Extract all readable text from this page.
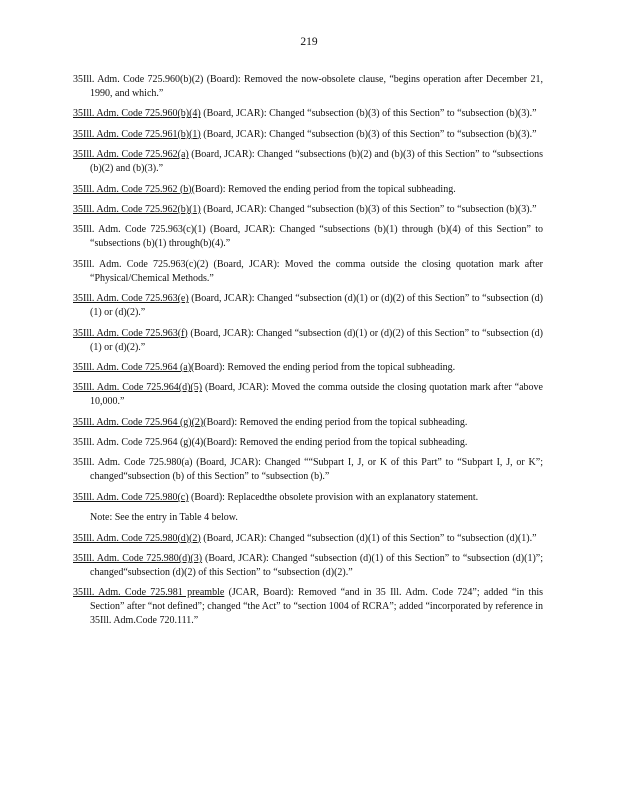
219

35Ill. Adm. Code 725.960(b)(2) (Board): Removed the now-obsolete clause, “begins operation after December 21, 1990, and which.”

35Ill. Adm. Code 725.960(b)(4) (Board, JCAR): Changed “subsection (b)(3) of this Section” to “subsection (b)(3).”

35Ill. Adm. Code 725.961(b)(1) (Board, JCAR): Changed “subsection (b)(3) of this Section” to “subsection (b)(3).”

35Ill. Adm. Code 725.962(a) (Board, JCAR): Changed “subsections (b)(2) and (b)(3) of this Section” to “subsections (b)(2) and (b)(3).”

35Ill. Adm. Code 725.962 (b)(Board): Removed the ending period from the topical subheading.

35Ill. Adm. Code 725.962(b)(1) (Board, JCAR): Changed “subsection (b)(3) of this Section” to “subsection (b)(3).”

35Ill. Adm. Code 725.963(c)(1) (Board, JCAR): Changed “subsections (b)(1) through (b)(4) of this Section” to “subsections (b)(1) through(b)(4).”

35Ill. Adm. Code 725.963(c)(2) (Board, JCAR): Moved the comma outside the closing quotation mark after “Physical/Chemical Methods.”

35Ill. Adm. Code 725.963(e) (Board, JCAR): Changed “subsection (d)(1) or (d)(2) of this Section” to “subsection (d)(1) or (d)(2).”

35Ill. Adm. Code 725.963(f) (Board, JCAR): Changed “subsection (d)(1) or (d)(2) of this Section” to “subsection (d)(1) or (d)(2).”

35Ill. Adm. Code 725.964 (a)(Board): Removed the ending period from the topical subheading.

35Ill. Adm. Code 725.964(d)(5) (Board, JCAR): Moved the comma outside the closing quotation mark after “above 10,000.”

35Ill. Adm. Code 725.964 (g)(2)(Board): Removed the ending period from the topical subheading.

35Ill. Adm. Code 725.964 (g)(4)(Board): Removed the ending period from the topical subheading.

35Ill. Adm. Code 725.980(a) (Board, JCAR): Changed ““Subpart I, J, or K of this Part” to “Subpart I, J, or K”; changed“subsection (b) of this Section” to “subsection (b).”

35Ill. Adm. Code 725.980(c) (Board): Replacedthe obsolete provision with an explanatory statement.

Note: See the entry in Table 4 below.

35Ill. Adm. Code 725.980(d)(2) (Board, JCAR): Changed “subsection (d)(1) of this Section” to “subsection (d)(1).”

35Ill. Adm. Code 725.980(d)(3) (Board, JCAR): Changed “subsection (d)(1) of this Section” to “subsection (d)(1)”; changed“subsection (d)(2) of this Section” to “subsection (d)(2).”

35Ill. Adm. Code 725.981 preamble (JCAR, Board): Removed “and in 35 Ill. Adm. Code 724”; added “in this Section” after “not defined”; changed “the Act” to “section 1004 of RCRA”; added “incorporated by reference in 35Ill. Adm.Code 720.111.”
